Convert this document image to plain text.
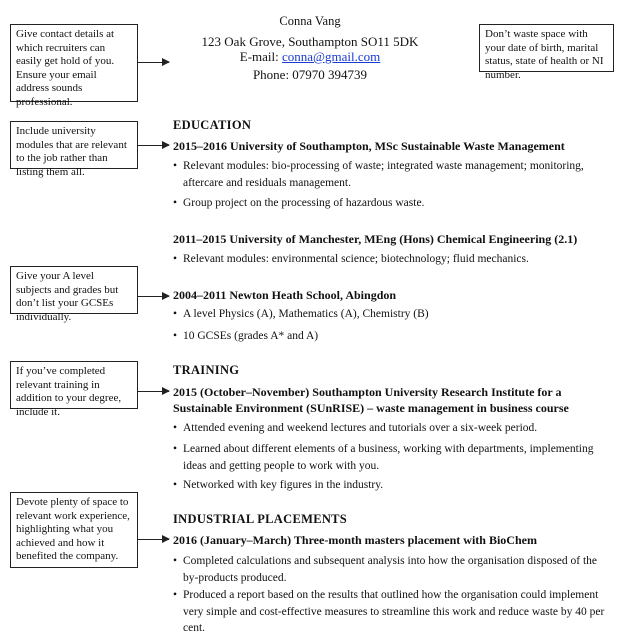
Conna Vang
123 Oak Grove, Southampton SO11 5DK
E-mail: conna@gmail.com
Phone: 07970 394739
Give contact details at which recruiters can easily get hold of you. Ensure your email address sounds professional.
Don’t waste space with your date of birth, marital status, state of health or NI number.
Include university modules that are relevant to the job rather than listing them all.
Give your A level subjects and grades but don’t list your GCSEs individually.
If you’ve completed relevant training in addition to your degree, include it.
Devote plenty of space to relevant work experience, highlighting what you achieved and how it benefited the company.
EDUCATION
2015–2016 University of Southampton, MSc Sustainable Waste Management
• Relevant modules: bio-processing of waste; integrated waste management; monitoring, aftercare and residuals management.
• Group project on the processing of hazardous waste.
2011–2015 University of Manchester, MEng (Hons) Chemical Engineering (2.1)
• Relevant modules: environmental science; biotechnology; fluid mechanics.
2004–2011 Newton Heath School, Abingdon
• A level Physics (A), Mathematics (A), Chemistry (B)
• 10 GCSEs (grades A* and A)
TRAINING
2015 (October–November) Southampton University Research Institute for a Sustainable Environment (SUnRISE) – waste management in business course
• Attended evening and weekend lectures and tutorials over a six-week period.
• Learned about different elements of a business, working with departments, implementing ideas and getting people to work with you.
• Networked with key figures in the industry.
INDUSTRIAL PLACEMENTS
2016 (January–March) Three-month masters placement with BioChem
• Completed calculations and subsequent analysis into how the organisation disposed of the by-products produced.
• Produced a report based on the results that outlined how the organisation could implement very simple and cost-effective measures to streamline this work and reduce waste by 40 per cent.
